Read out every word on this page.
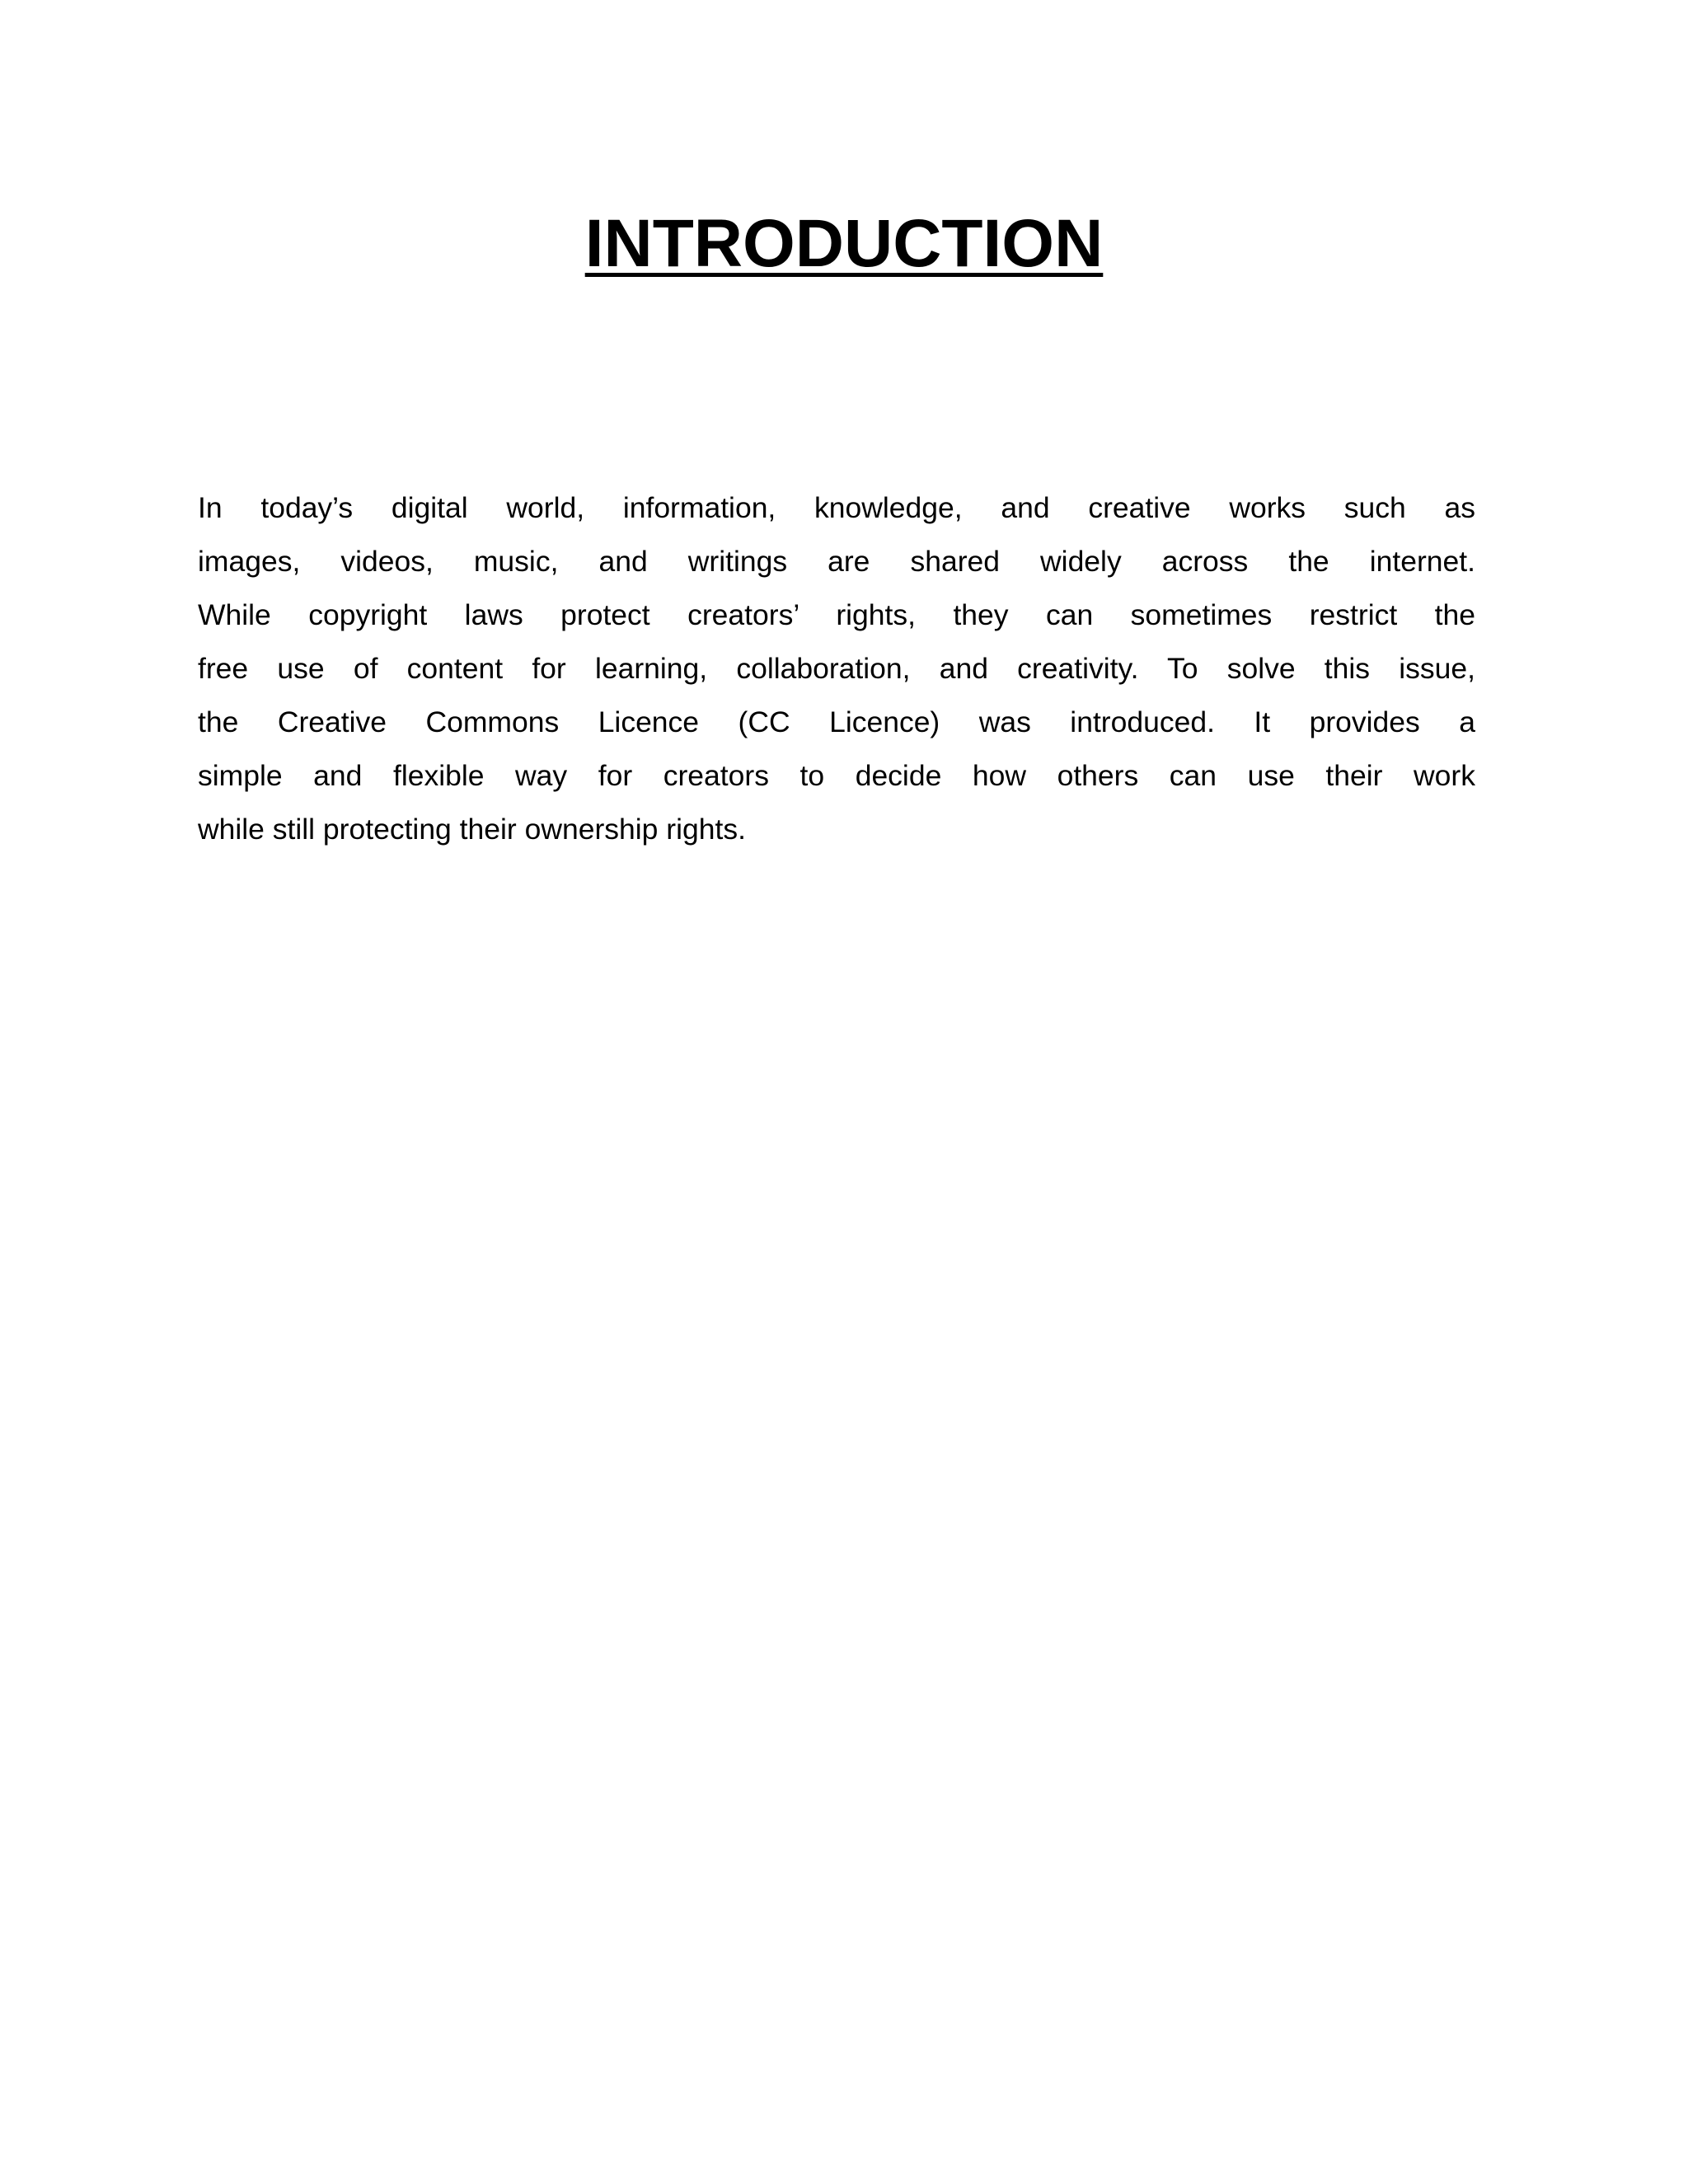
INTRODUCTION
In today’s digital world, information, knowledge, and creative works such as
images, videos, music, and writings are shared widely across the internet.
While copyright laws protect creators’ rights, they can sometimes restrict the
free use of content for learning, collaboration, and creativity. To solve this issue,
the Creative Commons Licence (CC Licence) was introduced. It provides a
simple and flexible way for creators to decide how others can use their work
while still protecting their ownership rights.
